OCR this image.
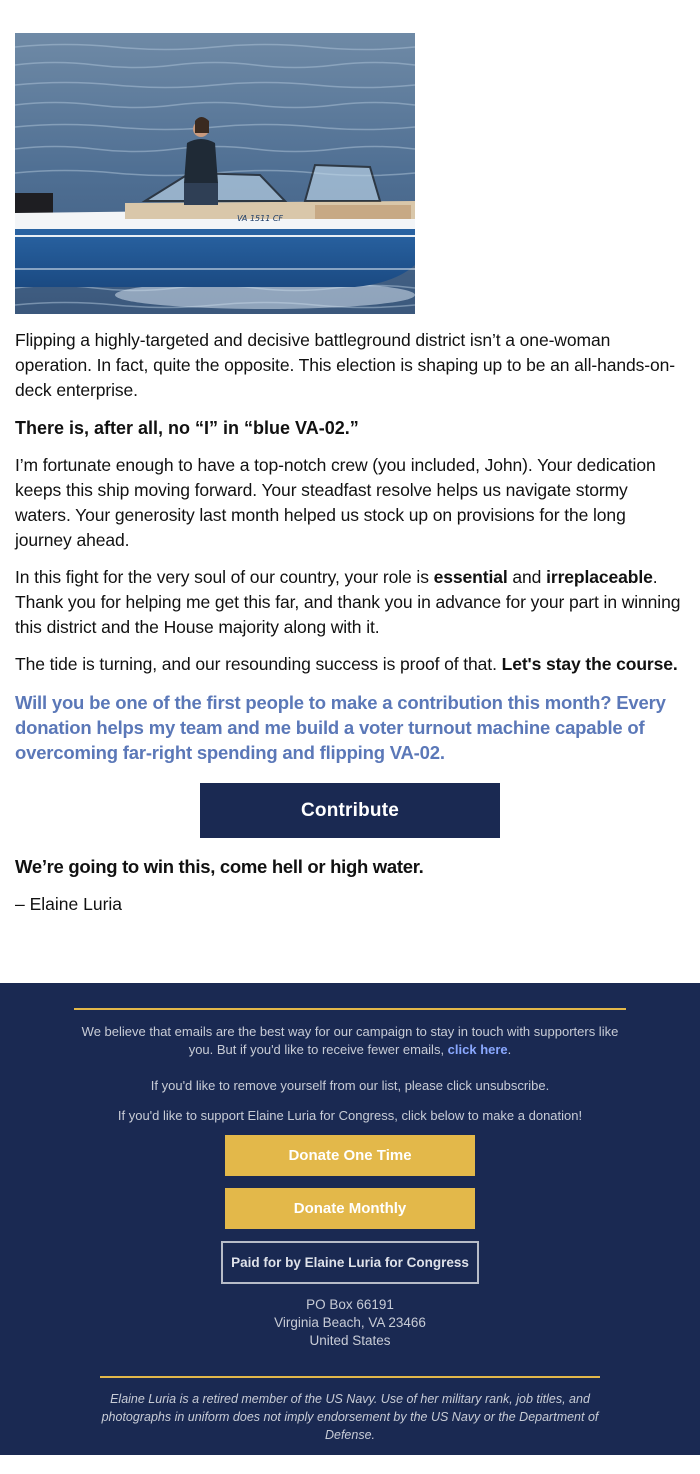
VA 1511 CF

Flipping a highly-targeted and decisive battleground district isn’t a one-woman operation. In fact, quite the opposite. This election is shaping up to be an all-hands-on-deck enterprise.

There is, after all, no “I” in “blue VA-02.”

I’m fortunate enough to have a top-notch crew (you included, John). Your dedication keeps this ship moving forward. Your steadfast resolve helps us navigate stormy waters. Your generosity last month helped us stock up on provisions for the long journey ahead.

In this fight for the very soul of our country, your role is essential and irreplaceable. Thank you for helping me get this far, and thank you in advance for your part in winning this district and the House majority along with it.

The tide is turning, and our resounding success is proof of that. Let's stay the course.

Will you be one of the first people to make a contribution this month? Every donation helps my team and me build a voter turnout machine capable of overcoming far-right spending and flipping VA-02.

Contribute

We’re going to win this, come hell or high water.

– Elaine Luria

We believe that emails are the best way for our campaign to stay in touch with supporters like you. But if you'd like to receive fewer emails, click here.

If you'd like to remove yourself from our list, please click unsubscribe.

If you'd like to support Elaine Luria for Congress, click below to make a donation!

Donate One Time
Donate Monthly
Paid for by Elaine Luria for Congress
PO Box 66191
Virginia Beach, VA 23466
United States

Elaine Luria is a retired member of the US Navy. Use of her military rank, job titles, and photographs in uniform does not imply endorsement by the US Navy or the Department of Defense.
